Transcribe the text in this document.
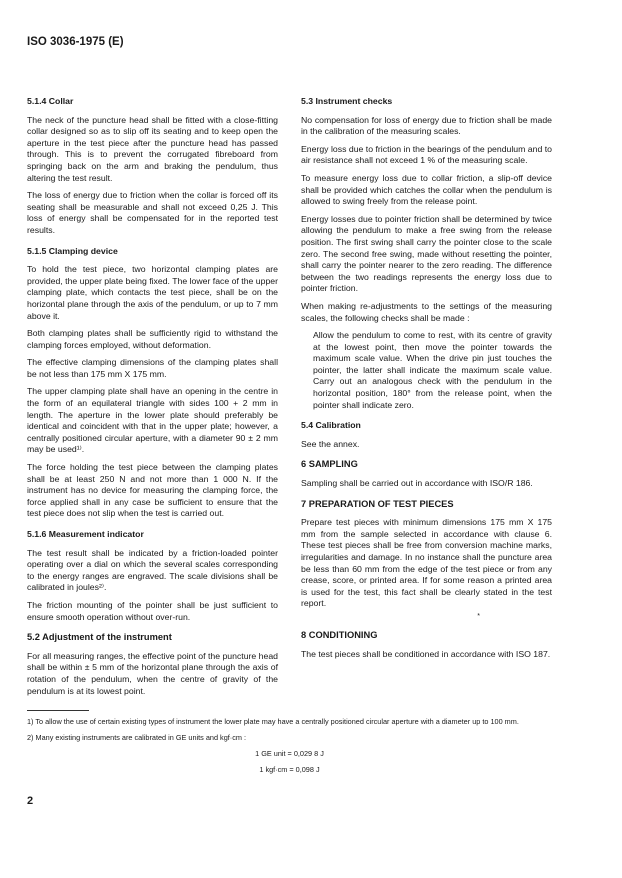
ISO 3036-1975 (E)
5.1.4 Collar

The neck of the puncture head shall be fitted with a close-fitting collar designed so as to slip off its seating and to keep open the aperture in the test piece after the puncture head has passed through. This is to prevent the corrugated fibreboard from springing back on the arm and braking the pendulum, thus altering the test result.

The loss of energy due to friction when the collar is forced off its seating shall be measurable and shall not exceed 0,25 J. This loss of energy shall be compensated for in the reported test results.

5.1.5 Clamping device

To hold the test piece, two horizontal clamping plates are provided, the upper plate being fixed. The lower face of the upper clamping plate, which contacts the test piece, shall be on the horizontal plane through the axis of the pendulum, or up to 7 mm above it.

Both clamping plates shall be sufficiently rigid to withstand the clamping forces employed, without deformation.

The effective clamping dimensions of the clamping plates shall be not less than 175 mm X 175 mm.

The upper clamping plate shall have an opening in the centre in the form of an equilateral triangle with sides 100 + 2 mm in length. The aperture in the lower plate should preferably be identical and coincident with that in the upper plate; however, a centrally positioned circular aperture, with a diameter 90 ± 2 mm may be used¹⁾.

The force holding the test piece between the clamping plates shall be at least 250 N and not more than 1 000 N. If the instrument has no device for measuring the clamping force, the force applied shall in any case be sufficient to ensure that the test piece does not slip when the test is carried out.

5.1.6 Measurement indicator

The test result shall be indicated by a friction-loaded pointer operating over a dial on which the several scales corresponding to the energy ranges are engraved. The scale divisions shall be calibrated in joules²⁾.

The friction mounting of the pointer shall be just sufficient to ensure smooth operation without over-run.

5.2 Adjustment of the instrument

For all measuring ranges, the effective point of the puncture head shall be within ± 5 mm of the horizontal plane through the axis of rotation of the pendulum, when the centre of gravity of the pendulum is at its lowest point.

5.3 Instrument checks

No compensation for loss of energy due to friction shall be made in the calibration of the measuring scales.

Energy loss due to friction in the bearings of the pendulum and to air resistance shall not exceed 1 % of the measuring scale.

To measure energy loss due to collar friction, a slip-off device shall be provided which catches the collar when the pendulum is allowed to swing freely from the release point.

Energy losses due to pointer friction shall be determined by twice allowing the pendulum to make a free swing from the release position. The first swing shall carry the pointer close to the scale zero. The second free swing, made without resetting the pointer, shall carry the pointer nearer to the zero reading. The difference between the two readings represents the energy loss due to pointer friction.

When making re-adjustments to the settings of the measuring scales, the following checks shall be made :

Allow the pendulum to come to rest, with its centre of gravity at the lowest point, then move the pointer towards the maximum scale value. When the drive pin just touches the pointer, the latter shall indicate the maximum scale value. Carry out an analogous check with the pendulum in the horizontal position, 180° from the release point, when the pointer shall indicate zero.

5.4 Calibration

See the annex.

6 SAMPLING

Sampling shall be carried out in accordance with ISO/R 186.

7 PREPARATION OF TEST PIECES

Prepare test pieces with minimum dimensions 175 mm X 175 mm from the sample selected in accordance with clause 6. These test pieces shall be free from conversion machine marks, irregularities and damage. In no instance shall the puncture area be less than 60 mm from the edge of the test piece or from any crease, score, or printed area. If for some reason a printed area is used for the test, this fact shall be clearly stated in the test report.

*
8 CONDITIONING

The test pieces shall be conditioned in accordance with ISO 187.

1) To allow the use of certain existing types of instrument the lower plate may have a centrally positioned circular aperture with a diameter up to 100 mm.
2) Many existing instruments are calibrated in GE units and kgf·cm :
1 GE unit = 0,029 8 J
1 kgf·cm = 0,098 J
2
